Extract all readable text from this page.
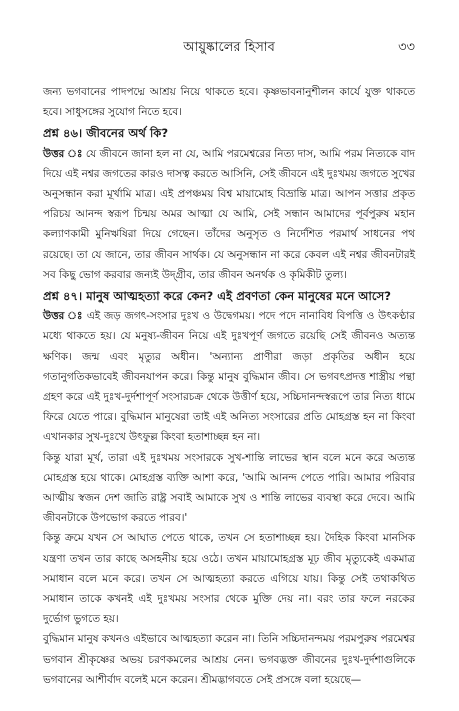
আয়ুষ্কালের হিসাব	৩৩

জন্য ভগবানের পাদপদ্মে আশ্রয় নিয়ে থাকতে হবে। কৃষ্ণভাবনানুশীলন কার্যে যুক্ত থাকতে হবে। সাধুসঙ্গের সুযোগ নিতে হবে।

প্রশ্ন ৪৬। জীবনের অর্থ কি?

উত্তর ঃ যে জীবনে জানা হল না যে, আমি পরমেশ্বরের নিত্য দাস, আমি পরম নিত্যকে বাদ দিয়ে এই নশ্বর জগতের কারও দাসত্ব করতে আসিনি, সেই জীবনে এই দুঃখময় জগতে সুখের অনুসন্ধান করা মূর্খামি মাত্র। এই প্রপঞ্চময় বিশ্ব মায়ামোহ বিভ্রান্তি মাত্র। আপন সত্তার প্রকৃত পরিচয় আনন্দ স্বরূপ চিন্ময় অমর আত্মা যে আমি, সেই সন্ধান আমাদের পূর্বপুরুষ মহান কল্যাণকামী মুনিঋষিরা দিয়ে গেছেন। তাঁদের অনুসৃত ও নির্দেশিত পরমার্থ সাধনের পথ রয়েছে। তা যে জানে, তার জীবন সার্থক। যে অনুসন্ধান না করে কেবল এই নশ্বর জীবনটারই সব কিছু ভোগ করবার জন্যই উদ্‌গ্রীব, তার জীবন অনর্থক ও কৃমিকীট তুল্য।

প্রশ্ন ৪৭। মানুষ আত্মহত্যা করে কেন? এই প্রবণতা কেন মানুষের মনে আসে?

উত্তর ঃ এই জড় জগৎ-সংসার দুঃখ ও উদ্বেগময়। পদে পদে নানাবিধ বিপত্তি ও উৎকণ্ঠার মধ্যে থাকতে হয়। যে মনুষ্য-জীবন নিয়ে এই দুঃখপূর্ণ জগতে রয়েছি সেই জীবনও অত্যন্ত ক্ষণিক। জন্ম এবং মৃত্যুর অধীন। 'অন্যান্য প্রাণীরা জড়া প্রকৃতির অধীন হয়ে গতানুগতিকভাবেই জীবনযাপন করে। কিন্তু মানুষ বুদ্ধিমান জীব। সে ভগবৎপ্রদত্ত শাস্ত্রীয় পন্থা গ্রহণ করে এই দুঃখ-দুর্দশাপূর্ণ সংসারচক্র থেকে উত্তীর্ণ হয়ে, সচ্চিদানন্দস্বরূপে তার নিত্য ধামে ফিরে যেতে পারে। বুদ্ধিমান মানুষেরা তাই এই অনিত্য সংসারের প্রতি মোহগ্রস্ত হন না কিংবা এখানকার সুখ-দুঃখে উৎফুল্ল কিংবা হতাশাচ্ছন্ন হন না।

কিন্তু যারা মূর্খ, তারা এই দুঃখময় সংসারকে সুখ-শান্তি লাভের স্থান বলে মনে করে অত্যন্ত মোহগ্রস্ত হয়ে থাকে। মোহগ্রস্ত ব্যক্তি আশা করে, 'আমি আনন্দ পেতে পারি। আমার পরিবার আত্মীয় স্বজন দেশ জাতি রাষ্ট্র সবাই আমাকে সুখ ও শান্তি লাভের ব্যবস্থা করে দেবে। আমি জীবনটাকে উপভোগ করতে পারব।'

কিন্তু ক্রমে যখন সে আঘাত পেতে থাকে, তখন সে হতাশাচ্ছন্ন হয়। দৈহিক কিংবা মানসিক যন্ত্রণা তখন তার কাছে অসহনীয় হয়ে ওঠে। তখন মায়ামোহগ্রস্ত মূঢ় জীব মৃত্যুকেই একমাত্র সমাধান বলে মনে করে। তখন সে আত্মহত্যা করতে এগিয়ে যায়। কিন্তু সেই তথাকথিত সমাধান তাকে কখনই এই দুঃখময় সংসার থেকে মুক্তি দেয় না। বরং তার ফলে নরকের দুর্ভোগ ভুগতে হয়।

বুদ্ধিমান মানুষ কখনও এইভাবে আত্মহত্যা করেন না। তিনি সচ্চিদানন্দময় পরমপুরুষ পরমেশ্বর ভগবান শ্রীকৃষ্ণের অভয় চরণকমলের আশ্রয় নেন। ভগবদ্ভক্ত জীবনের দুঃখ-দুর্দশাগুলিকে ভগবানের আশীর্বাদ বলেই মনে করেন। শ্রীমদ্ভাগবতে সেই প্রসঙ্গে বলা হয়েছে—
